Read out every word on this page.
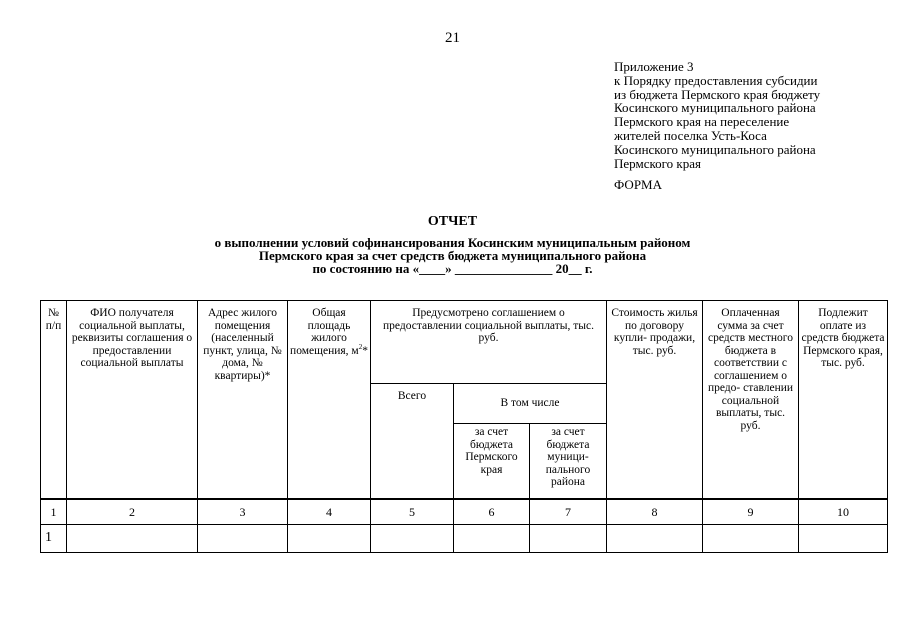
21
Приложение 3
к Порядку предоставления субсидии
из бюджета Пермского края бюджету
Косинского муниципального района
Пермского края на переселение
жителей поселка Усть-Коса
Косинского муниципального района
Пермского края
ФОРМА
ОТЧЕТ
о выполнении условий софинансирования Косинским муниципальным районом
Пермского края за счет средств бюджета муниципального района
по состоянию на «____» _______________ 20__ г.
№ п/п	ФИО получателя социальной выплаты, реквизиты соглашения о предоставлении социальной выплаты	Адрес жилого помещения (населенный пункт, улица, № дома, № квартиры)*	Общая площадь жилого помещения, $м^2*$	Предусмотрено соглашением о предоставлении социальной выплаты, тыс. руб.			Стоимость жилья по договору купли- продажи, тыс. руб.	Оплаченная сумма за счет средств местного бюджета в соответствии с соглашением о предо- ставлении социальной выплаты, тыс. руб.	Подлежит оплате из средств бюджета Пермского края, тыс. руб.
				Всего	В том числе				
					за счет бюджета Пермского края	за счет бюджета муници- пального района			
1	2	3	4	5	6	7	8	9	10
1									
